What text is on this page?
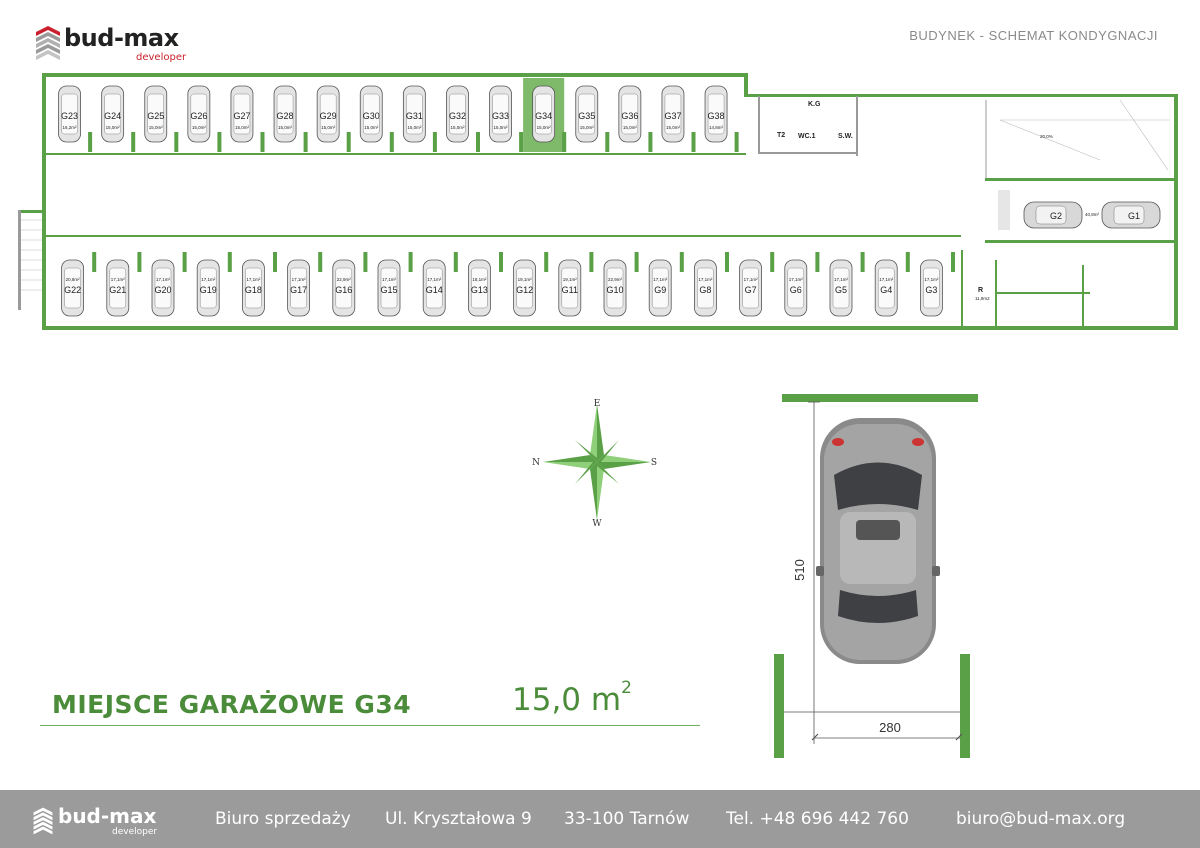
bud-max
developer
BUDYNEK - SCHEMAT KONDYGNACJI
G23
16,2m²
G24
15,0m²
G25
15,0m²
G26
15,0m²
G27
15,0m²
G28
15,0m²
G29
15,0m²
G30
15,0m²
G31
15,0m²
G32
15,0m²
G33
15,0m²
G34
15,0m²
G35
15,0m²
G36
15,0m²
G37
15,0m²
G38
14,8m²
G22
20,8m²
G21
17,1m²
G20
17,1m²
G19
17,1m²
G18
17,1m²
G17
17,1m²
G16
22,9m²
G15
17,1m²
G14
17,1m²
G13
18,1m²
G12
19,1m²
G11
19,1m²
G10
22,9m²
G9
17,1m²
G8
17,1m²
G7
17,1m²
G6
17,1m²
G5
17,1m²
G4
17,1m²
G3
17,1m²
G2	G1
40,8m²
K.G
T2 WC.1	S.W.
R
11,9m2
20,0%
E
W
N	S
510
280
MIEJSCE GARAŻOWE G34	15,0 $m^2$
bud-max
developer
Biuro sprzedaży Ul. Kryształowa 9 33-100 Tarnów Tel. +48 696 442 760	biuro@bud-max.org
